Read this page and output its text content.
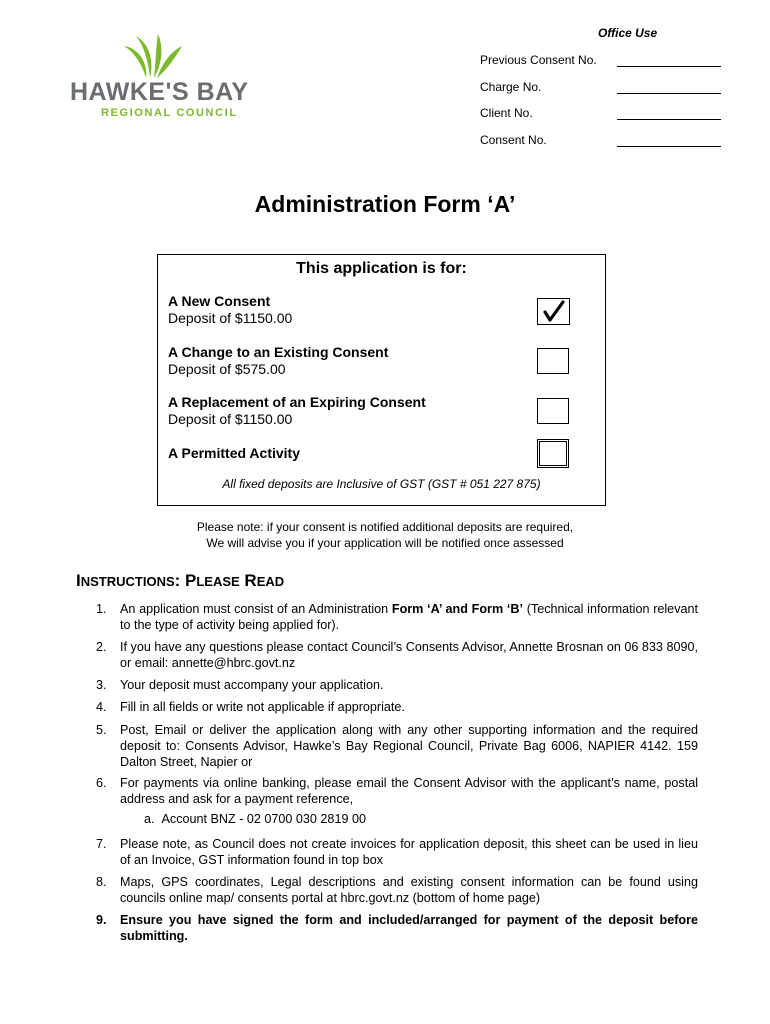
HAWKE'S BAY
REGIONAL COUNCIL
Office Use
Previous Consent No.
Charge No.
Client No.
Consent No.
Administration Form ‘A’
This application is for:
A New Consent
Deposit of $1150.00
A Change to an Existing Consent
Deposit of $575.00
A Replacement of an Expiring Consent
Deposit of $1150.00
A Permitted Activity
All fixed deposits are Inclusive of GST (GST # 051 227 875)
Please note: if your consent is notified additional deposits are required,
We will advise you if your application will be notified once assessed
INSTRUCTIONS: PLEASE READ
1.	An application must consist of an Administration Form ‘A’ and Form ‘B’ (Technical information relevant to the type of activity being applied for).
2.	If you have any questions please contact Council’s Consents Advisor, Annette Brosnan on 06 833 8090, or email: annette@hbrc.govt.nz
3.	Your deposit must accompany your application.
4.	Fill in all fields or write not applicable if appropriate.
5.	Post, Email or deliver the application along with any other supporting information and the required deposit to: Consents Advisor, Hawke’s Bay Regional Council, Private Bag 6006, NAPIER 4142. 159 Dalton Street, Napier or
6.	For payments via online banking, please email the Consent Advisor with the applicant’s name, postal address and ask for a payment reference,
a. Account BNZ - 02 0700 030 2819 00
7.	Please note, as Council does not create invoices for application deposit, this sheet can be used in lieu of an Invoice, GST information found in top box
8.	Maps, GPS coordinates, Legal descriptions and existing consent information can be found using councils online map/ consents portal at hbrc.govt.nz (bottom of home page)
9.	Ensure you have signed the form and included/arranged for payment of the deposit before submitting.
